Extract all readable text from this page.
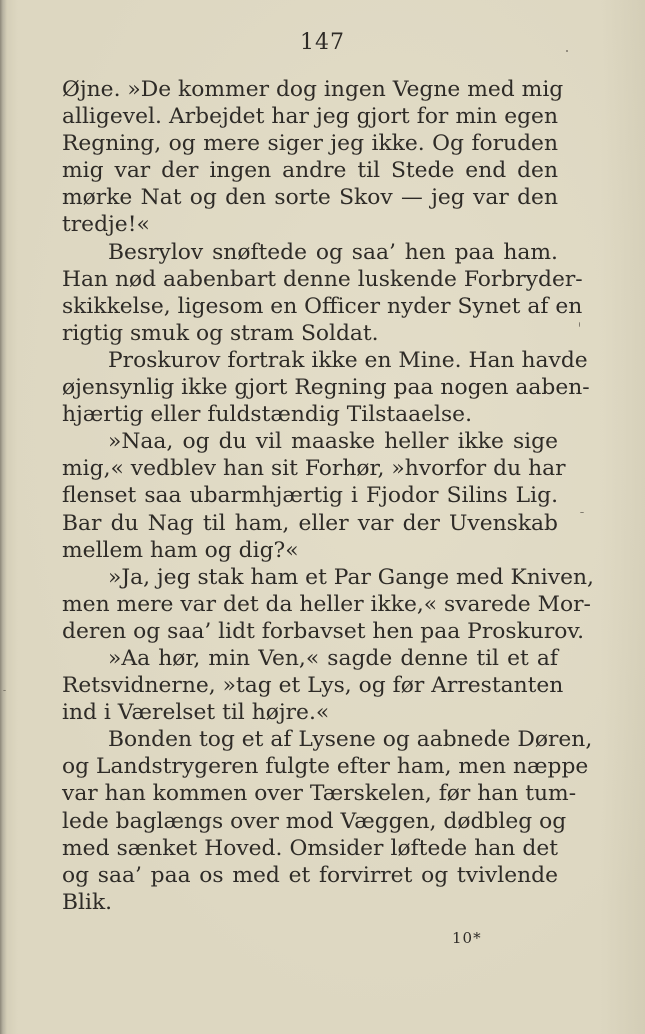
147
Øjne. »De kommer dog ingen Vegne med mig
alligevel. Arbejdet har jeg gjort for min egen
Regning, og mere siger jeg ikke. Og foruden
mig var der ingen andre til Stede end den
mørke Nat og den sorte Skov — jeg var den
tredje!«
Besrylov snøftede og saa’ hen paa ham.
Han nød aabenbart denne luskende Forbryder-
skikkelse, ligesom en Officer nyder Synet af en
rigtig smuk og stram Soldat.
Proskurov fortrak ikke en Mine. Han havde
øjensynlig ikke gjort Regning paa nogen aaben-
hjærtig eller fuldstændig Tilstaaelse.
»Naa, og du vil maaske heller ikke sige
mig,« vedblev han sit Forhør, »hvorfor du har
flenset saa ubarmhjærtig i Fjodor Silins Lig.
Bar du Nag til ham, eller var der Uvenskab
mellem ham og dig?«
»Ja, jeg stak ham et Par Gange med Kniven,
men mere var det da heller ikke,« svarede Mor-
deren og saa’ lidt forbavset hen paa Proskurov.
»Aa hør, min Ven,« sagde denne til et af
Retsvidnerne, »tag et Lys, og før Arrestanten
ind i Værelset til højre.«
Bonden tog et af Lysene og aabnede Døren,
og Landstrygeren fulgte efter ham, men næppe
var han kommen over Tærskelen, før han tum-
lede baglængs over mod Væggen, dødbleg og
med sænket Hoved. Omsider løftede han det
og saa’ paa os med et forvirret og tvivlende
Blik.
10*
